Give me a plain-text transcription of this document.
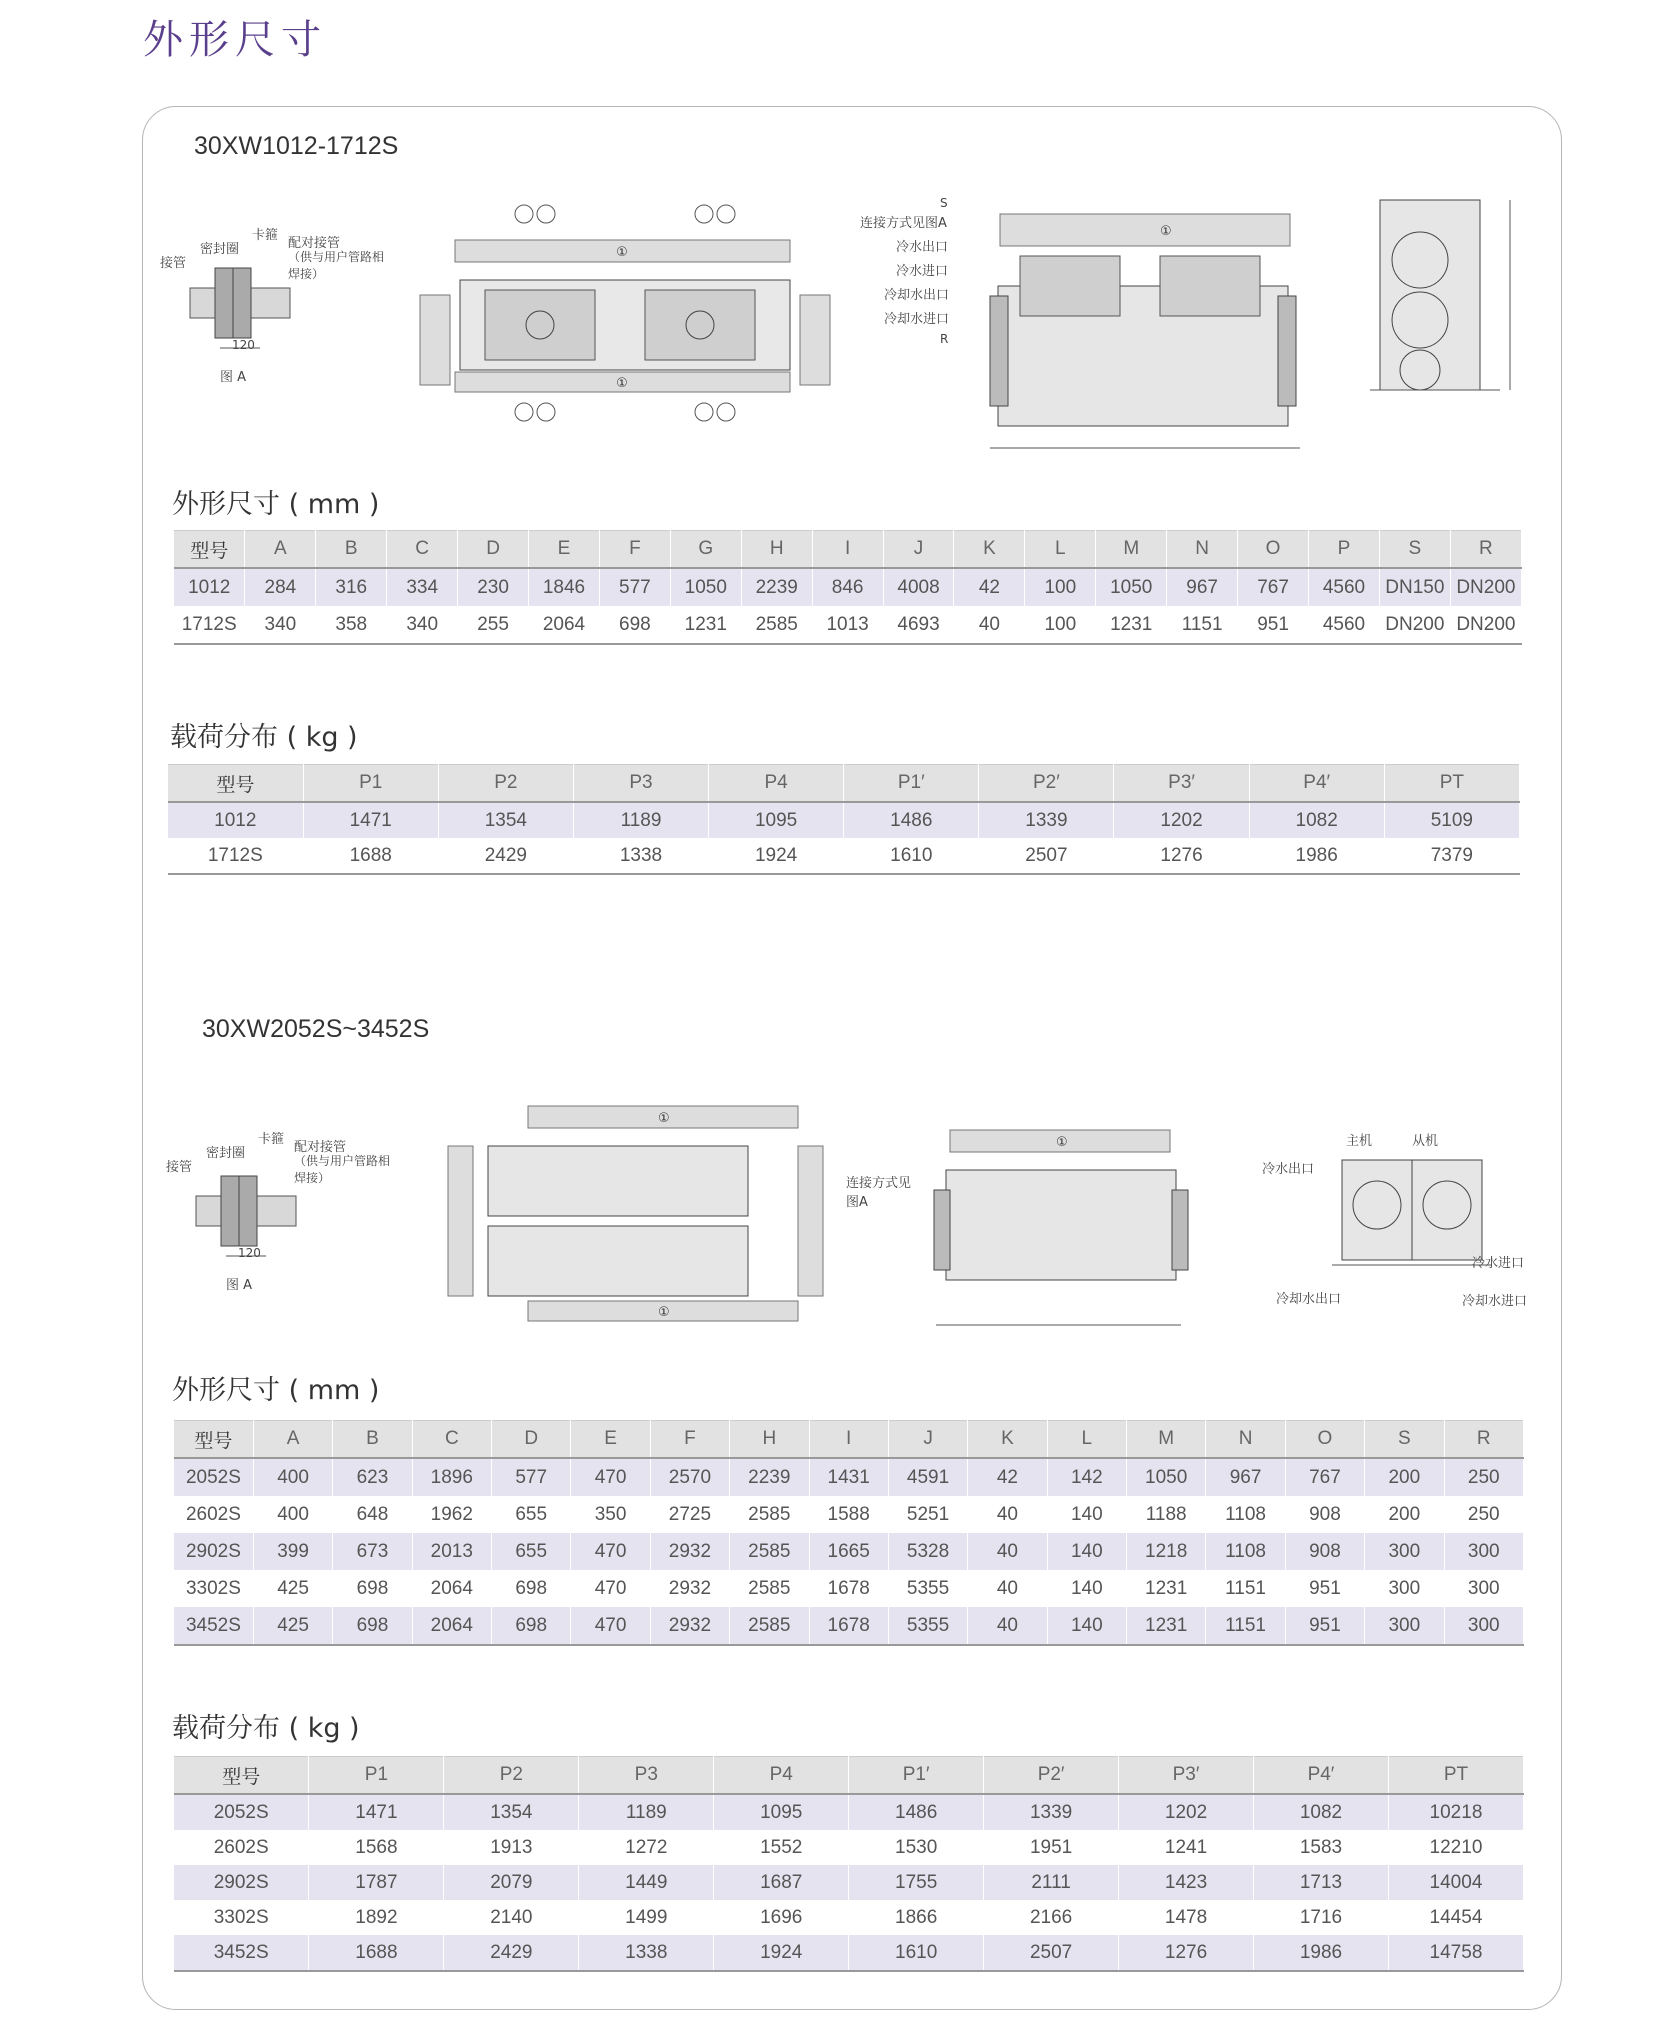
外形尺寸
30XW1012-1712S
接管
密封圈
卡箍
配对接管
（供与用户管路相焊接）
120
图 A
①
①
①
S
连接方式见图A
冷水出口
冷水进口
冷却水出口
冷却水进口
R
外形尺寸 ( mm )
型号	A	B	C	D	E	F	G	H	I	J	K	L	M	N	O	P	S	R
1012	284	316	334	230	1846	577	1050	2239	846	4008	42	100	1050	967	767	4560	DN150	DN200
1712S	340	358	340	255	2064	698	1231	2585	1013	4693	40	100	1231	1151	951	4560	DN200	DN200
载荷分布 ( kg )
型号	P1	P2	P3	P4	P1′	P2′	P3′	P4′	PT
1012	1471	1354	1189	1095	1486	1339	1202	1082	5109
1712S	1688	2429	1338	1924	1610	2507	1276	1986	7379
30XW2052S~3452S
接管
密封圈
卡箍
配对接管
（供与用户管路相焊接）
120
图 A
①
①
①
连接方式见图A
主机	从机
冷水出口
冷水进口
冷却水出口	冷却水进口
外形尺寸 ( mm )
型号	A	B	C	D	E	F	H	I	J	K	L	M	N	O	S	R
2052S	400	623	1896	577	470	2570	2239	1431	4591	42	142	1050	967	767	200	250
2602S	400	648	1962	655	350	2725	2585	1588	5251	40	140	1188	1108	908	200	250
2902S	399	673	2013	655	470	2932	2585	1665	5328	40	140	1218	1108	908	300	300
3302S	425	698	2064	698	470	2932	2585	1678	5355	40	140	1231	1151	951	300	300
3452S	425	698	2064	698	470	2932	2585	1678	5355	40	140	1231	1151	951	300	300
载荷分布 ( kg )
型号	P1	P2	P3	P4	P1′	P2′	P3′	P4′	PT
2052S	1471	1354	1189	1095	1486	1339	1202	1082	10218
2602S	1568	1913	1272	1552	1530	1951	1241	1583	12210
2902S	1787	2079	1449	1687	1755	2111	1423	1713	14004
3302S	1892	2140	1499	1696	1866	2166	1478	1716	14454
3452S	1688	2429	1338	1924	1610	2507	1276	1986	14758
